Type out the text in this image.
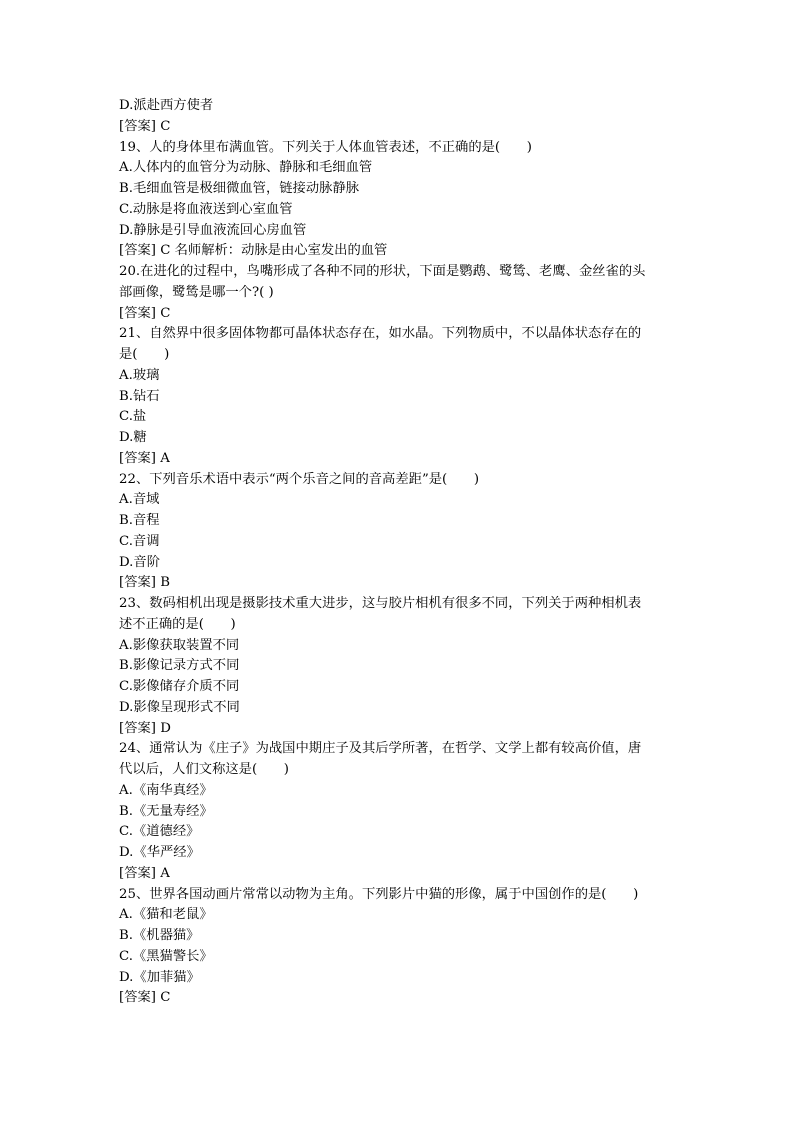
D.派赴西方使者
[答案] C
19、人的身体里布满血管。下列关于人体血管表述，不正确的是(　　)
A.人体内的血管分为动脉、静脉和毛细血管
B.毛细血管是极细微血管，链接动脉静脉
C.动脉是将血液送到心室血管
D.静脉是引导血液流回心房血管
[答案] C 名师解析：动脉是由心室发出的血管
20.在进化的过程中，鸟嘴形成了各种不同的形状，下面是鹦鹉、鹭鸶、老鹰、金丝雀的头
部画像，鹭鸶是哪一个?( )
[答案] C
21、自然界中很多固体物都可晶体状态存在，如水晶。下列物质中，不以晶体状态存在的
是(　　)
A.玻璃
B.钻石
C.盐
D.糖
[答案] A
22、下列音乐术语中表示“两个乐音之间的音高差距”是(　　)
A.音域
B.音程
C.音调
D.音阶
[答案] B
23、数码相机出现是摄影技术重大进步，这与胶片相机有很多不同，下列关于两种相机表
述不正确的是(　　)
A.影像获取装置不同
B.影像记录方式不同
C.影像储存介质不同
D.影像呈现形式不同
[答案] D
24、通常认为《庄子》为战国中期庄子及其后学所著，在哲学、文学上都有较高价值，唐
代以后，人们文称这是(　　)
A.《南华真经》
B.《无量寿经》
C.《道德经》
D.《华严经》
[答案] A
25、世界各国动画片常常以动物为主角。下列影片中猫的形像，属于中国创作的是(　　)
A.《猫和老鼠》
B.《机器猫》
C.《黑猫警长》
D.《加菲猫》
[答案] C
